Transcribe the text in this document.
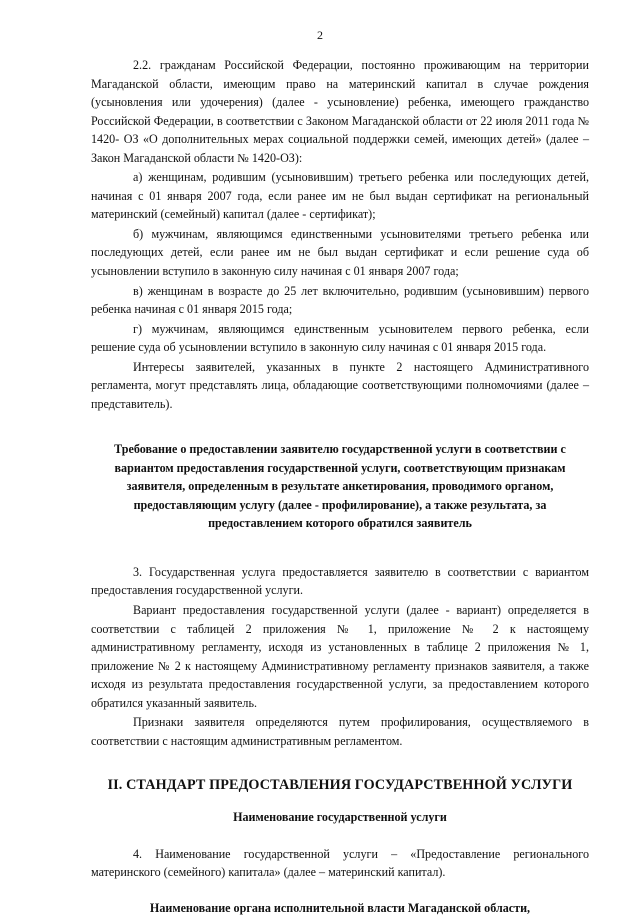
2

2.2. гражданам Российской Федерации, постоянно проживающим на территории Магаданской области, имеющим право на материнский капитал в случае рождения (усыновления или удочерения) (далее - усыновление) ребенка, имеющего гражданство Российской Федерации, в соответствии с Законом Магаданской области от 22 июля 2011 года № 1420- ОЗ «О дополнительных мерах социальной поддержки семей, имеющих детей» (далее – Закон Магаданской области № 1420-ОЗ):

а) женщинам, родившим (усыновившим) третьего ребенка или последующих детей, начиная с 01 января 2007 года, если ранее им не был выдан сертификат на региональный материнский (семейный) капитал (далее - сертификат);

б) мужчинам, являющимся единственными усыновителями третьего ребенка или последующих детей, если ранее им не был выдан сертификат и если решение суда об усыновлении вступило в законную силу начиная с 01 января 2007 года;

в) женщинам в возрасте до 25 лет включительно, родившим (усыновившим) первого ребенка начиная с 01 января 2015 года;

г) мужчинам, являющимся единственным усыновителем первого ребенка, если решение суда об усыновлении вступило в законную силу начиная с 01 января 2015 года.

Интересы заявителей, указанных в пункте 2 настоящего Административного регламента, могут представлять лица, обладающие соответствующими полномочиями (далее – представитель).

Требование о предоставлении заявителю государственной услуги в соответствии с вариантом предоставления государственной услуги, соответствующим признакам заявителя, определенным в результате анкетирования, проводимого органом, предоставляющим услугу (далее - профилирование), а также результата, за предоставлением которого обратился заявитель

3. Государственная услуга предоставляется заявителю в соответствии с вариантом предоставления государственной услуги.

Вариант предоставления государственной услуги (далее - вариант) определяется в соответствии с таблицей 2 приложения № 1, приложение № 2 к настоящему административному регламенту, исходя из установленных в таблице 2 приложения № 1, приложение № 2 к настоящему Административному регламенту признаков заявителя, а также исходя из результата предоставления государственной услуги, за предоставлением которого обратился указанный заявитель.

Признаки заявителя определяются путем профилирования, осуществляемого в соответствии с настоящим административным регламентом.

II. СТАНДАРТ ПРЕДОСТАВЛЕНИЯ ГОСУДАРСТВЕННОЙ УСЛУГИ

Наименование государственной услуги

4. Наименование государственной услуги – «Предоставление регионального материнского (семейного) капитала» (далее – материнский капитал).

Наименование органа исполнительной власти Магаданской области,
